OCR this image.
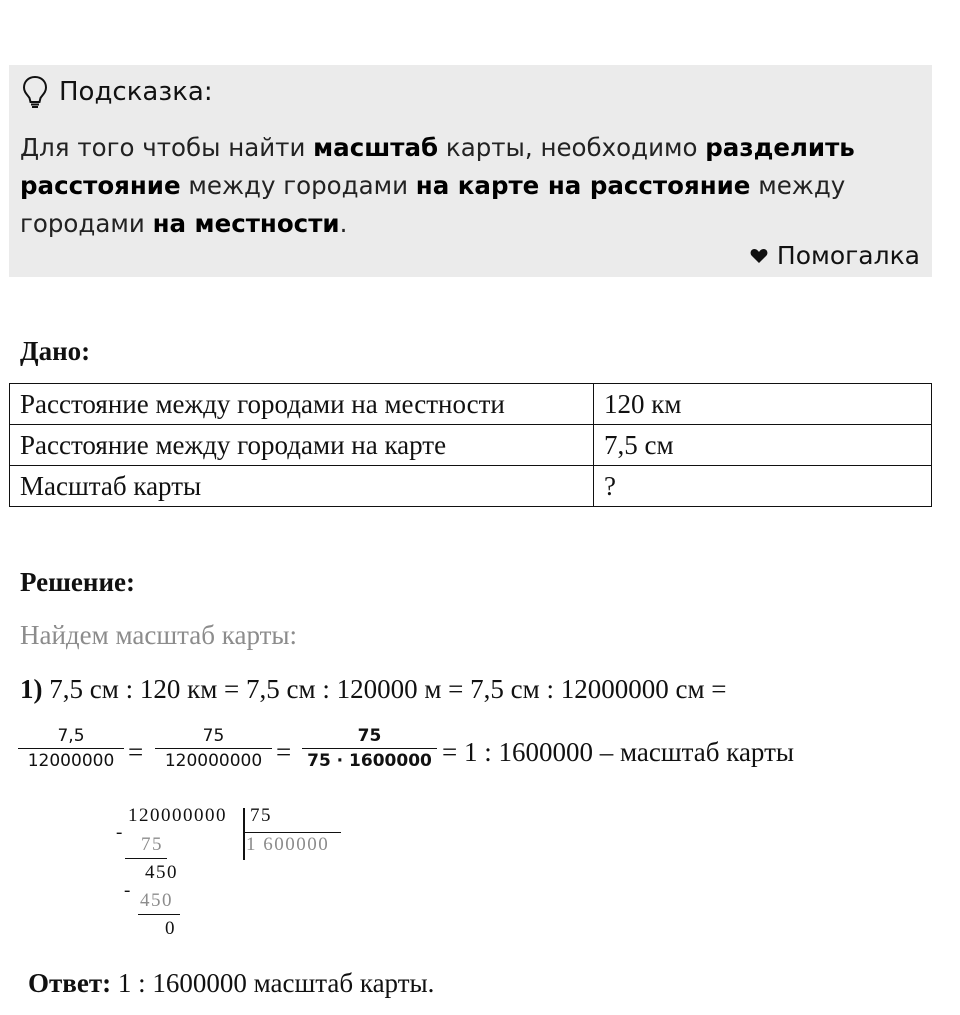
Подсказка:
Для того чтобы найти масштаб карты, необходимо разделить расстояние между городами на карте на расстояние между городами на местности.
Помогалка
Дано:
Расстояние между городами на местности	120 км
Расстояние между городами на карте	7,5 см
Масштаб карты	?
Решение:
Найдем масштаб карты:
1) 7,5 см : 120 км = 7,5 см : 120000 м = 7,5 см : 12000000 см =
7,5
12000000 =
75
120000000 =
75
75 · 1600000 = 1 : 1600000 – масштаб карты
120000000 75
1 600000
-
75
450
- 450
0
Ответ: 1 : 1600000 масштаб карты.
